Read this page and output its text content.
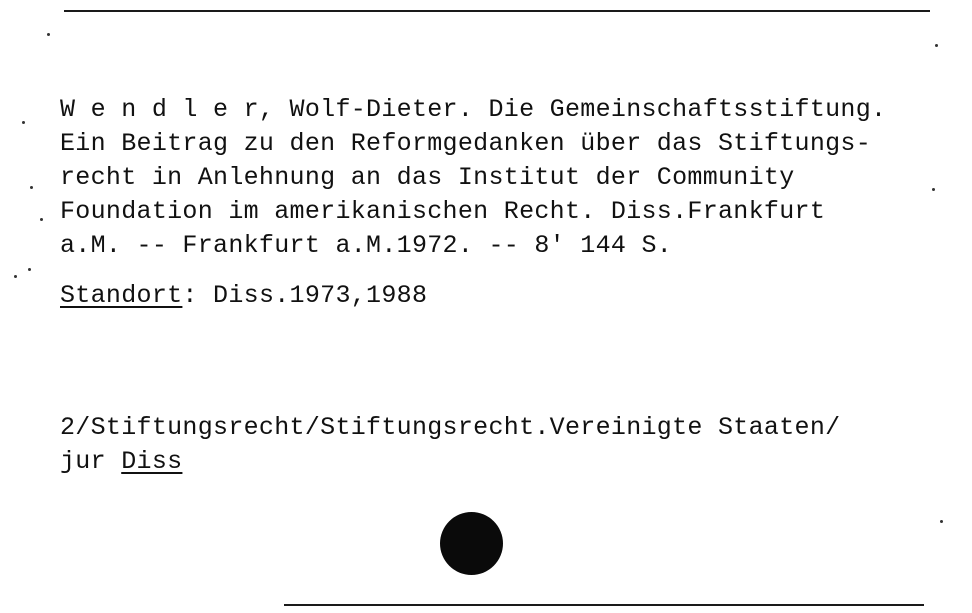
W e n d l e r, Wolf-Dieter. Die Gemeinschaftsstiftung.
Ein Beitrag zu den Reformgedanken über das Stiftungs-
recht in Anlehnung an das Institut der Community
Foundation im amerikanischen Recht. Diss.Frankfurt
a.M. -- Frankfurt a.M.1972. -- 8' 144 S.
Standort: Diss.1973,1988
2/Stiftungsrecht/Stiftungsrecht.Vereinigte Staaten/
jur Diss
